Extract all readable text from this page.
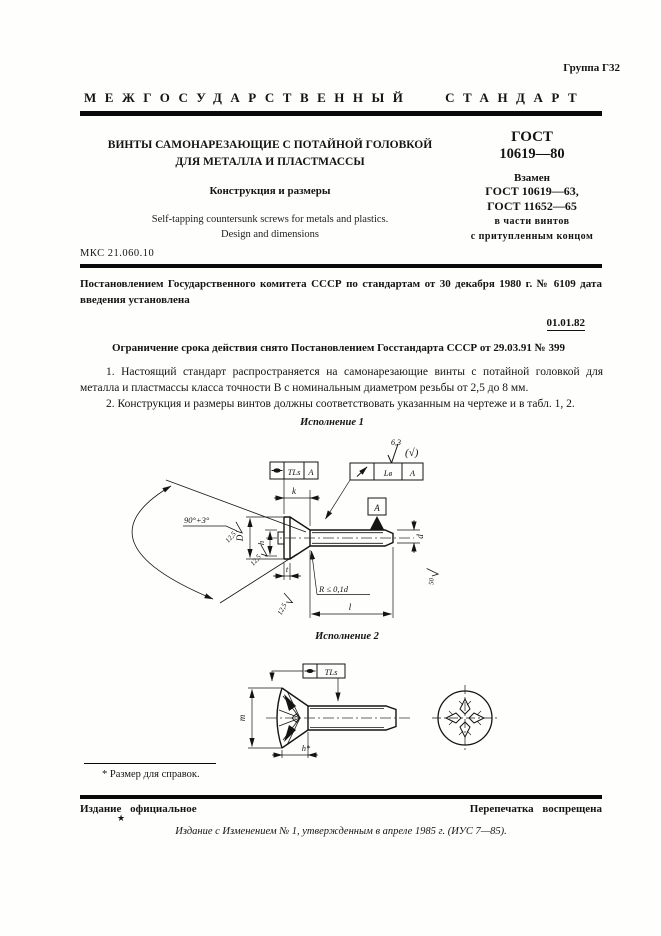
Группа Г32
МЕЖГОСУДАРСТВЕННЫЙ СТАНДАРТ
ВИНТЫ САМОНАРЕЗАЮЩИЕ С ПОТАЙНОЙ ГОЛОВКОЙ
ДЛЯ МЕТАЛЛА И ПЛАСТМАССЫ
Конструкция и размеры
Self-tapping countersunk screws for metals and plastics.
Design and dimensions
ГОСТ
10619—80
Взамен
ГОСТ 10619—63,
ГОСТ 11652—65
в части винтов
с притупленным концом
МКС 21.060.10
Постановлением Государственного комитета СССР по стандартам от 30 декабря 1980 г. № 6109 дата введения установлена
01.01.82
Ограничение срока действия снято Постановлением Госстандарта СССР от 29.03.91 № 399
1. Настоящий стандарт распространяется на самонарезающие винты с потайной головкой для металла и пластмассы класса точности В с номинальным диаметром резьбы от 2,5 до 8 мм.
2. Конструкция и размеры винтов должны соответствовать указанным на чертеже и в табл. 1, 2.
Исполнение 1
6,3
(√)
TLs A	Lв A
A
90°+3°
k
D
h
t
l
d
R ≤ 0,1d
12,5
12,5
12,5
50
Исполнение 2
TLs
m
h*
* Размер для справок.
Издание официальное	Перепечатка воспрещена
★
Издание с Изменением № 1, утвержденным в апреле 1985 г. (ИУС 7—85).
